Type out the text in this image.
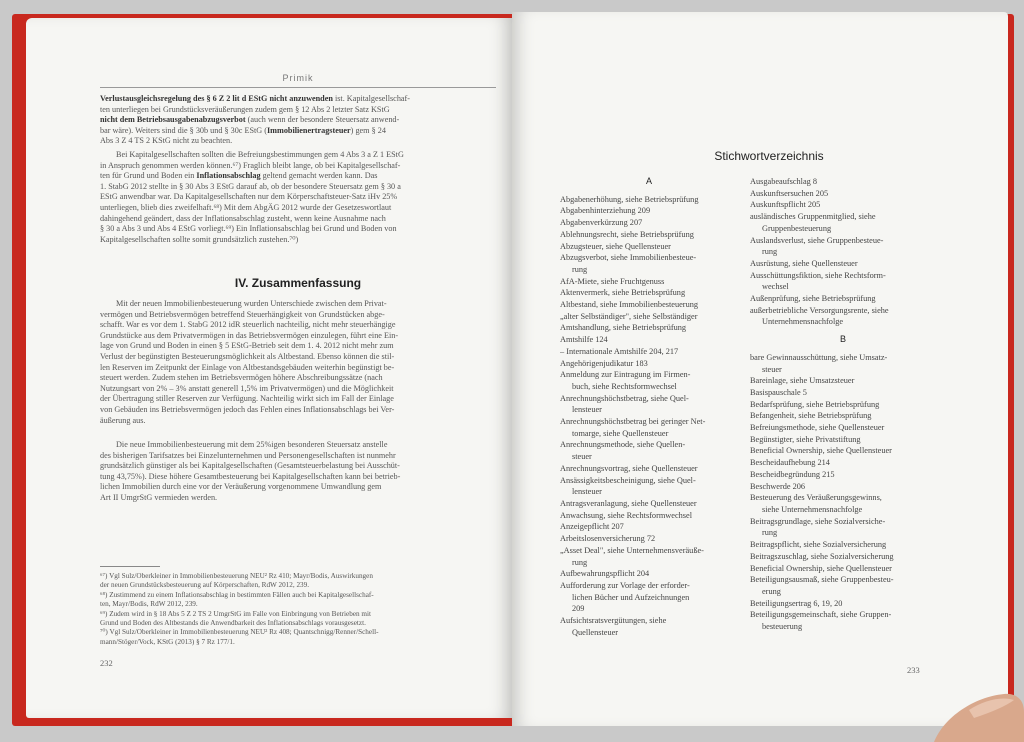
Primik
Verlustausgleichsregelung des § 6 Z 2 lit d EStG nicht anzuwenden ist. Kapitalgesellschaf-
ten unterliegen bei Grundstücksveräußerungen zudem gem § 12 Abs 2 letzter Satz KStG
nicht dem Betriebsausgabenabzugsverbot (auch wenn der besondere Steuersatz anwend-
bar wäre). Weiters sind die § 30b und § 30c EStG (Immobilienertragsteuer) gem § 24
Abs 3 Z 4 TS 2 KStG nicht zu beachten.
Bei Kapitalgesellschaften sollten die Befreiungsbestimmungen gem 4 Abs 3 a Z 1 EStG
in Anspruch genommen werden können.⁶⁷) Fraglich bleibt lange, ob bei Kapitalgesellschaf-
ten für Grund und Boden ein Inflationsabschlag geltend gemacht werden kann. Das
1. StabG 2012 stellte in § 30 Abs 3 EStG darauf ab, ob der besondere Steuersatz gem § 30 a
EStG anwendbar war. Da Kapitalgesellschaften nur dem Körperschaftsteuer-Satz iHv 25%
unterliegen, blieb dies zweifelhaft.⁶⁸) Mit dem AbgÄG 2012 wurde der Gesetzeswortlaut
dahingehend geändert, dass der Inflationsabschlag zusteht, wenn keine Ausnahme nach
§ 30 a Abs 3 und Abs 4 EStG vorliegt.⁶⁹) Ein Inflationsabschlag bei Grund und Boden von
Kapitalgesellschaften sollte somit grundsätzlich zustehen.⁷⁰)
IV. Zusammenfassung
Mit der neuen Immobilienbesteuerung wurden Unterschiede zwischen dem Privat-
vermögen und Betriebsvermögen betreffend Steuerhängigkeit von Grundstücken abge-
schafft. War es vor dem 1. StabG 2012 idR steuerlich nachteilig, nicht mehr steuerhängige
Grundstücke aus dem Privatvermögen in das Betriebsvermögen einzulegen, führt eine Ein-
lage von Grund und Boden in einen § 5 EStG-Betrieb seit dem 1. 4. 2012 nicht mehr zum
Verlust der begünstigten Besteuerungsmöglichkeit als Altbestand. Ebenso können die stil-
len Reserven im Zeitpunkt der Einlage von Altbestandsgebäuden weiterhin begünstigt be-
steuert werden. Zudem stehen im Betriebsvermögen höhere Abschreibungssätze (nach
Nutzungsart von 2% – 3% anstatt generell 1,5% im Privatvermögen) und die Möglichkeit
der Übertragung stiller Reserven zur Verfügung. Nachteilig wirkt sich im Fall der Einlage
von Gebäuden ins Betriebsvermögen jedoch das Fehlen eines Inflationsabschlags bei Ver-
äußerung aus.
Die neue Immobilienbesteuerung mit dem 25%igen besonderen Steuersatz anstelle
des bisherigen Tarifsatzes bei Einzelunternehmen und Personengesellschaften ist nunmehr
grundsätzlich günstiger als bei Kapitalgesellschaften (Gesamtsteuerbelastung bei Ausschüt-
tung 43,75%). Diese höhere Gesamtbesteuerung bei Kapitalgesellschaften kann bei betrieb-
lichen Immobilien durch eine vor der Veräußerung vorgenommene Umwandlung gem
Art II UmgrStG vermieden werden.
⁶⁷) Vgl Sulz/Oberkleiner in Immobilienbesteuerung NEU² Rz 410; Mayr/Bodis, Auswirkungen
der neuen Grundstücksbesteuerung auf Körperschaften, RdW 2012, 239.
⁶⁸) Zustimmend zu einem Inflationsabschlag in bestimmten Fällen auch bei Kapitalgesellschaf-
ten, Mayr/Bodis, RdW 2012, 239.
⁶⁹) Zudem wird in § 18 Abs 5 Z 2 TS 2 UmgrStG im Falle von Einbringung von Betrieben mit
Grund und Boden des Altbestands die Anwendbarkeit des Inflationsabschlags vorausgesetzt.
⁷⁰) Vgl Sulz/Oberkleiner in Immobilienbesteuerung NEU² Rz 408; Quantschnigg/Renner/Schell-
mann/Stöger/Vock, KStG (2013) § 7 Rz 177/1.
232
Stichwortverzeichnis
A
Abgabenerhöhung, siehe Betriebsprüfung
Abgabenhinterziehung 209
Abgabenverkürzung 207
Ablehnungsrecht, siehe Betriebsprüfung
Abzugsteuer, siehe Quellensteuer
Abzugsverbot, siehe Immobilienbesteue-
rung
AfA-Miete, siehe Fruchtgenuss
Aktenvermerk, siehe Betriebsprüfung
Altbestand, siehe Immobilienbesteuerung
„alter Selbständiger", siehe Selbständiger
Amtshandlung, siehe Betriebsprüfung
Amtshilfe 124
– Internationale Amtshilfe 204, 217
Angehörigenjudikatur 183
Anmeldung zur Eintragung im Firmen-
buch, siehe Rechtsformwechsel
Anrechnungshöchstbetrag, siehe Quel-
lensteuer
Anrechnungshöchstbetrag bei geringer Net-
tomarge, siehe Quellensteuer
Anrechnungsmethode, siehe Quellen-
steuer
Anrechnungsvortrag, siehe Quellensteuer
Ansässigkeitsbescheinigung, siehe Quel-
lensteuer
Antragsveranlagung, siehe Quellensteuer
Anwachsung, siehe Rechtsformwechsel
Anzeigepflicht 207
Arbeitslosenversicherung 72
„Asset Deal", siehe Unternehmensveräuße-
rung
Aufbewahrungspflicht 204
Aufforderung zur Vorlage der erforder-
lichen Bücher und Aufzeichnungen
209
Aufsichtsratsvergütungen, siehe
Quellensteuer
Ausgabeaufschlag 8
Auskunftsersuchen 205
Auskunftspflicht 205
ausländisches Gruppenmitglied, siehe
Gruppenbesteuerung
Auslandsverlust, siehe Gruppenbesteue-
rung
Ausrüstung, siehe Quellensteuer
Ausschüttungsfiktion, siehe Rechtsform-
wechsel
Außenprüfung, siehe Betriebsprüfung
außerbetriebliche Versorgungsrente, siehe
Unternehmensnachfolge
B
bare Gewinnausschüttung, siehe Umsatz-
steuer
Bareinlage, siehe Umsatzsteuer
Basispauschale 5
Bedarfsprüfung, siehe Betriebsprüfung
Befangenheit, siehe Betriebsprüfung
Befreiungsmethode, siehe Quellensteuer
Begünstigter, siehe Privatstiftung
Beneficial Ownership, siehe Quellensteuer
Bescheidaufhebung 214
Bescheidbegründung 215
Beschwerde 206
Besteuerung des Veräußerungsgewinns,
siehe Unternehmensnachfolge
Beitragsgrundlage, siehe Sozialversiche-
rung
Beitragspflicht, siehe Sozialversicherung
Beitragszuschlag, siehe Sozialversicherung
Beneficial Ownership, siehe Quellensteuer
Beteiligungsausmaß, siehe Gruppenbesteu-
erung
Beteiligungsertrag 6, 19, 20
Beteiligungsgemeinschaft, siehe Gruppen-
besteuerung
233
